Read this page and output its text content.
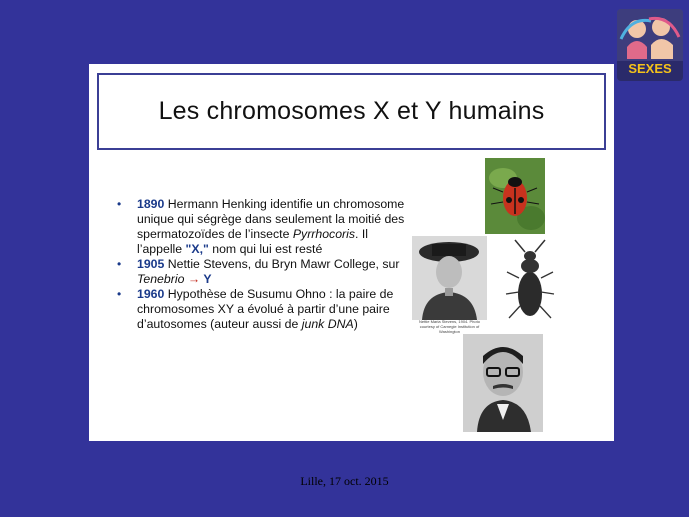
SEXES
Les chromosomes X et Y humains
• 1890 Hermann Henking identifie un chromosome unique qui ségrège dans seulement la moitié des spermatozoïdes de l’insecte Pyrrhocoris. Il l’appelle "X," nom qui lui est resté
• 1905 Nettie Stevens, du Bryn Mawr College, sur Tenebrio → Y
• 1960 Hypothèse de Susumu Ohno : la paire de chromosomes XY a évolué à partir d’une paire d’autosomes (auteur aussi de junk DNA)	Nettie Maria Stevens, 1904. Photo courtesy of Carnegie Institution of Washington
Lille, 17 oct. 2015
